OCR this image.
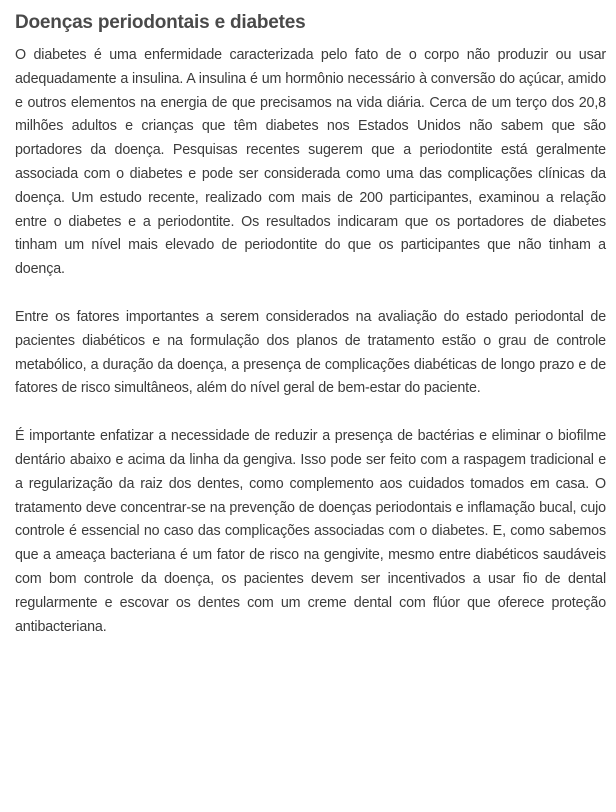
Doenças periodontais e diabetes

O diabetes é uma enfermidade caracterizada pelo fato de o corpo não produzir ou usar adequadamente a insulina. A insulina é um hormônio necessário à conversão do açúcar, amido e outros elementos na energia de que precisamos na vida diária. Cerca de um terço dos 20,8 milhões adultos e crianças que têm diabetes nos Estados Unidos não sabem que são portadores da doença. Pesquisas recentes sugerem que a periodontite está geralmente associada com o diabetes e pode ser considerada como uma das complicações clínicas da doença. Um estudo recente, realizado com mais de 200 participantes, examinou a relação entre o diabetes e a periodontite. Os resultados indicaram que os portadores de diabetes tinham um nível mais elevado de periodontite do que os participantes que não tinham a doença.

Entre os fatores importantes a serem considerados na avaliação do estado periodontal de pacientes diabéticos e na formulação dos planos de tratamento estão o grau de controle metabólico, a duração da doença, a presença de complicações diabéticas de longo prazo e de fatores de risco simultâneos, além do nível geral de bem-estar do paciente.

É importante enfatizar a necessidade de reduzir a presença de bactérias e eliminar o biofilme dentário abaixo e acima da linha da gengiva. Isso pode ser feito com a raspagem tradicional e a regularização da raiz dos dentes, como complemento aos cuidados tomados em casa. O tratamento deve concentrar-se na prevenção de doenças periodontais e inflamação bucal, cujo controle é essencial no caso das complicações associadas com o diabetes. E, como sabemos que a ameaça bacteriana é um fator de risco na gengivite, mesmo entre diabéticos saudáveis com bom controle da doença, os pacientes devem ser incentivados a usar fio de dental regularmente e escovar os dentes com um creme dental com flúor que oferece proteção antibacteriana.
